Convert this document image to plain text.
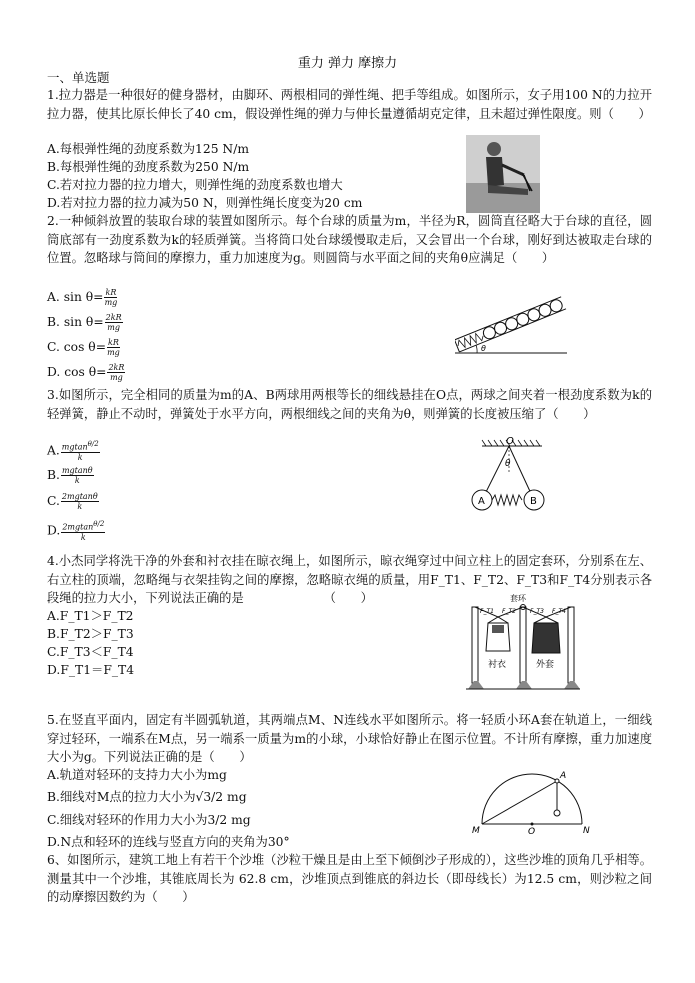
重力 弹力 摩擦力
一、单选题
1.拉力器是一种很好的健身器材，由脚环、两根相同的弹性绳、把手等组成。如图所示，女子用100 N的力拉开拉力器，使其比原长伸长了40 cm，假设弹性绳的弹力与伸长量遵循胡克定律，且未超过弹性限度。则（　　）
A.每根弹性绳的劲度系数为125 N/m
B.每根弹性绳的劲度系数为250 N/m
C.若对拉力器的拉力增大，则弹性绳的劲度系数也增大
D.若对拉力器的拉力减为50 N，则弹性绳长度变为20 cm
2.一种倾斜放置的装取台球的装置如图所示。每个台球的质量为m，半径为R，圆筒直径略大于台球的直径，圆筒底部有一劲度系数为k的轻质弹簧。当将筒口处台球缓慢取走后，又会冒出一个台球，刚好到达被取走台球的位置。忽略球与筒间的摩擦力，重力加速度为g。则圆筒与水平面之间的夹角θ应满足（　　）
A. $\sin \theta= \frac{kR}{mg}$
B. $\sin \theta= \frac{2kR}{mg}$
C. $\cos \theta= \frac{kR}{mg}$
D. $\cos \theta= \frac{2kR}{mg}$
θ
3.如图所示，完全相同的质量为m的A、B两球用两根等长的细线悬挂在O点，两球之间夹着一根劲度系数为k的轻弹簧，静止不动时，弹簧处于水平方向，两根细线之间的夹角为θ，则弹簧的长度被压缩了（　　）
A. $\frac{mgtan\theta/2}{k}$
B. $\frac{mgtan\theta}{k}$
C. $\frac{2mgtan\theta}{k}$
D. $\frac{2mgtan\theta/2}{k}$
O
θ
A	B
4.小杰同学将洗干净的外套和衬衣挂在晾衣绳上，如图所示，晾衣绳穿过中间立柱上的固定套环，分别系在左、右立柱的顶端，忽略绳与衣架挂钩之间的摩擦，忽略晾衣绳的质量，用F_T1、F_T2、F_T3和F_T4分别表示各段绳的拉力大小，下列说法正确的是　　　　　　　（　　）
A.F_T1＞F_T2
B.F_T2＞F_T3
C.F_T3＜F_T4
D.F_T1＝F_T4
套环
F_T1 F_T2 F_T3 F_T4
衬衣	外套
5.在竖直平面内，固定有半圆弧轨道，其两端点M、N连线水平如图所示。将一轻质小环A套在轨道上，一细线穿过轻环，一端系在M点，另一端系一质量为m的小球，小球恰好静止在图示位置。不计所有摩擦，重力加速度大小为g。下列说法正确的是（　　）
A.轨道对轻环的支持力大小为mg
B.细线对M点的拉力大小为√3/2 mg
C.细线对轻环的作用力大小为3/2 mg
D.N点和轻环的连线与竖直方向的夹角为30°
A
M	O	N
6、如图所示，建筑工地上有若干个沙堆（沙粒干燥且是由上至下倾倒沙子形成的），这些沙堆的顶角几乎相等。测量其中一个沙堆，其锥底周长为 62.8 cm，沙堆顶点到锥底的斜边长（即母线长）为12.5 cm，则沙粒之间的动摩擦因数约为（　　）
